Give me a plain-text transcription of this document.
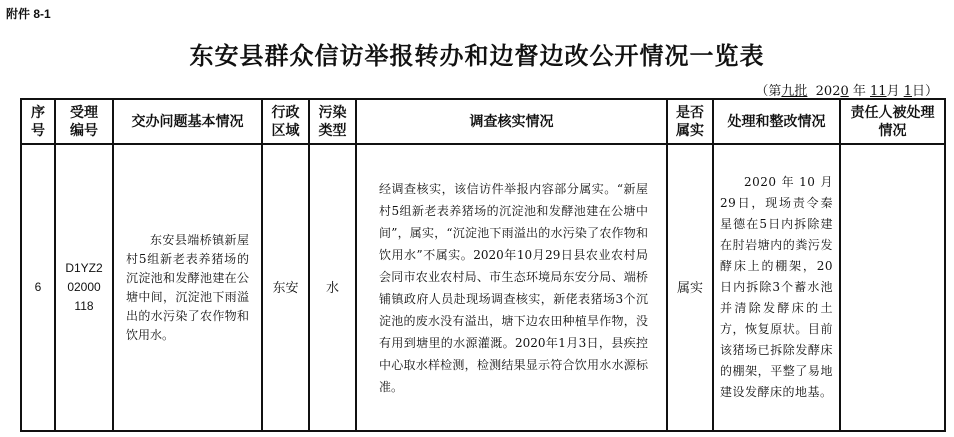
附件 8-1
东安县群众信访举报转办和边督边改公开情况一览表
（第九批  2020 年 11月 1日）
序号	受理编号	交办问题基本情况	行政区域	污染类型	调查核实情况	是否属实	处理和整改情况	责任人被处理情况
6	D1YZ202000118	东安县端桥镇新屋村5组新老表养猪场的沉淀池和发酵池建在公塘中间，沉淀池下雨溢出的水污染了农作物和饮用水。	东安	水	经调查核实，该信访件举报内容部分属实。“新屋村5组新老表养猪场的沉淀池和发酵池建在公塘中间”，属实，“沉淀池下雨溢出的水污染了农作物和饮用水”不属实。2020年10月29日县农业农村局会同市农业农村局、市生态环境局东安分局、端桥铺镇政府人员赴现场调查核实，新佬表猪场3个沉淀池的废水没有溢出，塘下边农田种植旱作物，没有用到塘里的水源灌溉。2020年1月3日，县疾控中心取水样检测，检测结果显示符合饮用水水源标准。	属实	2020年10月29日，现场责令秦星德在5日内拆除建在肘岩塘内的粪污发酵床上的棚架，20日内拆除3个蓄水池并清除发酵床的土方，恢复原状。目前该猪场已拆除发酵床的棚架，平整了易地建设发酵床的地基。	
